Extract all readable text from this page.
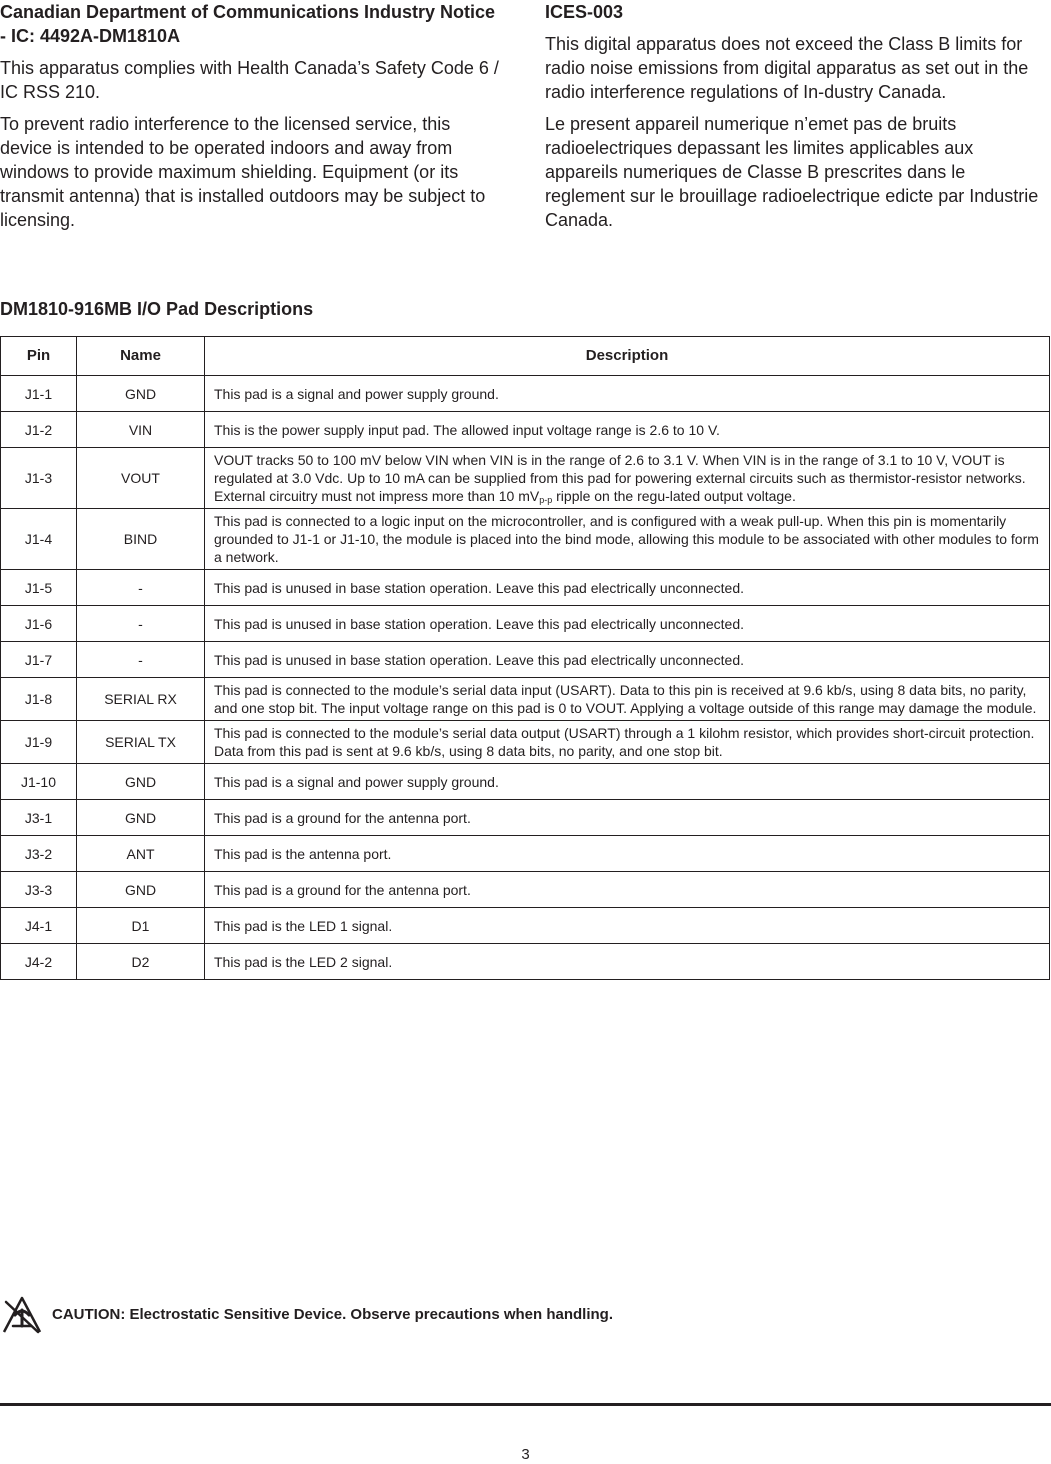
Canadian Department of Communications Industry Notice - IC: 4492A-DM1810A

This apparatus complies with Health Canada’s Safety Code 6 / IC RSS 210.

To prevent radio interference to the licensed service, this device is intended to be operated indoors and away from windows to provide maximum shielding. Equipment (or its transmit antenna) that is installed outdoors may be subject to licensing.

ICES-003

This digital apparatus does not exceed the Class B limits for radio noise emissions from digital apparatus as set out in the radio interference regulations of In-dustry Canada.

Le present appareil numerique n’emet pas de bruits radioelectriques depassant les limites applicables aux appareils numeriques de Classe B prescrites dans le reglement sur le brouillage radioelectrique edicte par Industrie Canada.

DM1810-916MB I/O Pad Descriptions

Pin	Name	Description
J1-1	GND	This pad is a signal and power supply ground.
J1-2	VIN	This is the power supply input pad. The allowed input voltage range is 2.6 to 10 V.
J1-3	VOUT	VOUT tracks 50 to 100 mV below VIN when VIN is in the range of 2.6 to 3.1 V. When VIN is in the range of 3.1 to 10 V, VOUT is regulated at 3.0 Vdc. Up to 10 mA can be supplied from this pad for powering external circuits such as thermistor-resistor networks. External circuitry must not impress more than 10 $mV_{p-p}$ ripple on the regu-lated output voltage.
J1-4	BIND	This pad is connected to a logic input on the microcontroller, and is configured with a weak pull-up. When this pin is momentarily grounded to J1-1 or J1-10, the module is placed into the bind mode, allowing this module to be associated with other modules to form a network.
J1-5	-	This pad is unused in base station operation. Leave this pad electrically unconnected.
J1-6	-	This pad is unused in base station operation. Leave this pad electrically unconnected.
J1-7	-	This pad is unused in base station operation. Leave this pad electrically unconnected.
J1-8	SERIAL RX	This pad is connected to the module’s serial data input (USART). Data to this pin is received at 9.6 kb/s, using 8 data bits, no parity, and one stop bit. The input voltage range on this pad is 0 to VOUT. Applying a voltage outside of this range may damage the module.
J1-9	SERIAL TX	This pad is connected to the module’s serial data output (USART) through a 1 kilohm resistor, which provides short-circuit protection. Data from this pad is sent at 9.6 kb/s, using 8 data bits, no parity, and one stop bit.
J1-10	GND	This pad is a signal and power supply ground.
J3-1	GND	This pad is a ground for the antenna port.
J3-2	ANT	This pad is the antenna port.
J3-3	GND	This pad is a ground for the antenna port.
J4-1	D1	This pad is the LED 1 signal.
J4-2	D2	This pad is the LED 2 signal.
CAUTION: Electrostatic Sensitive Device. Observe precautions when handling.
3
